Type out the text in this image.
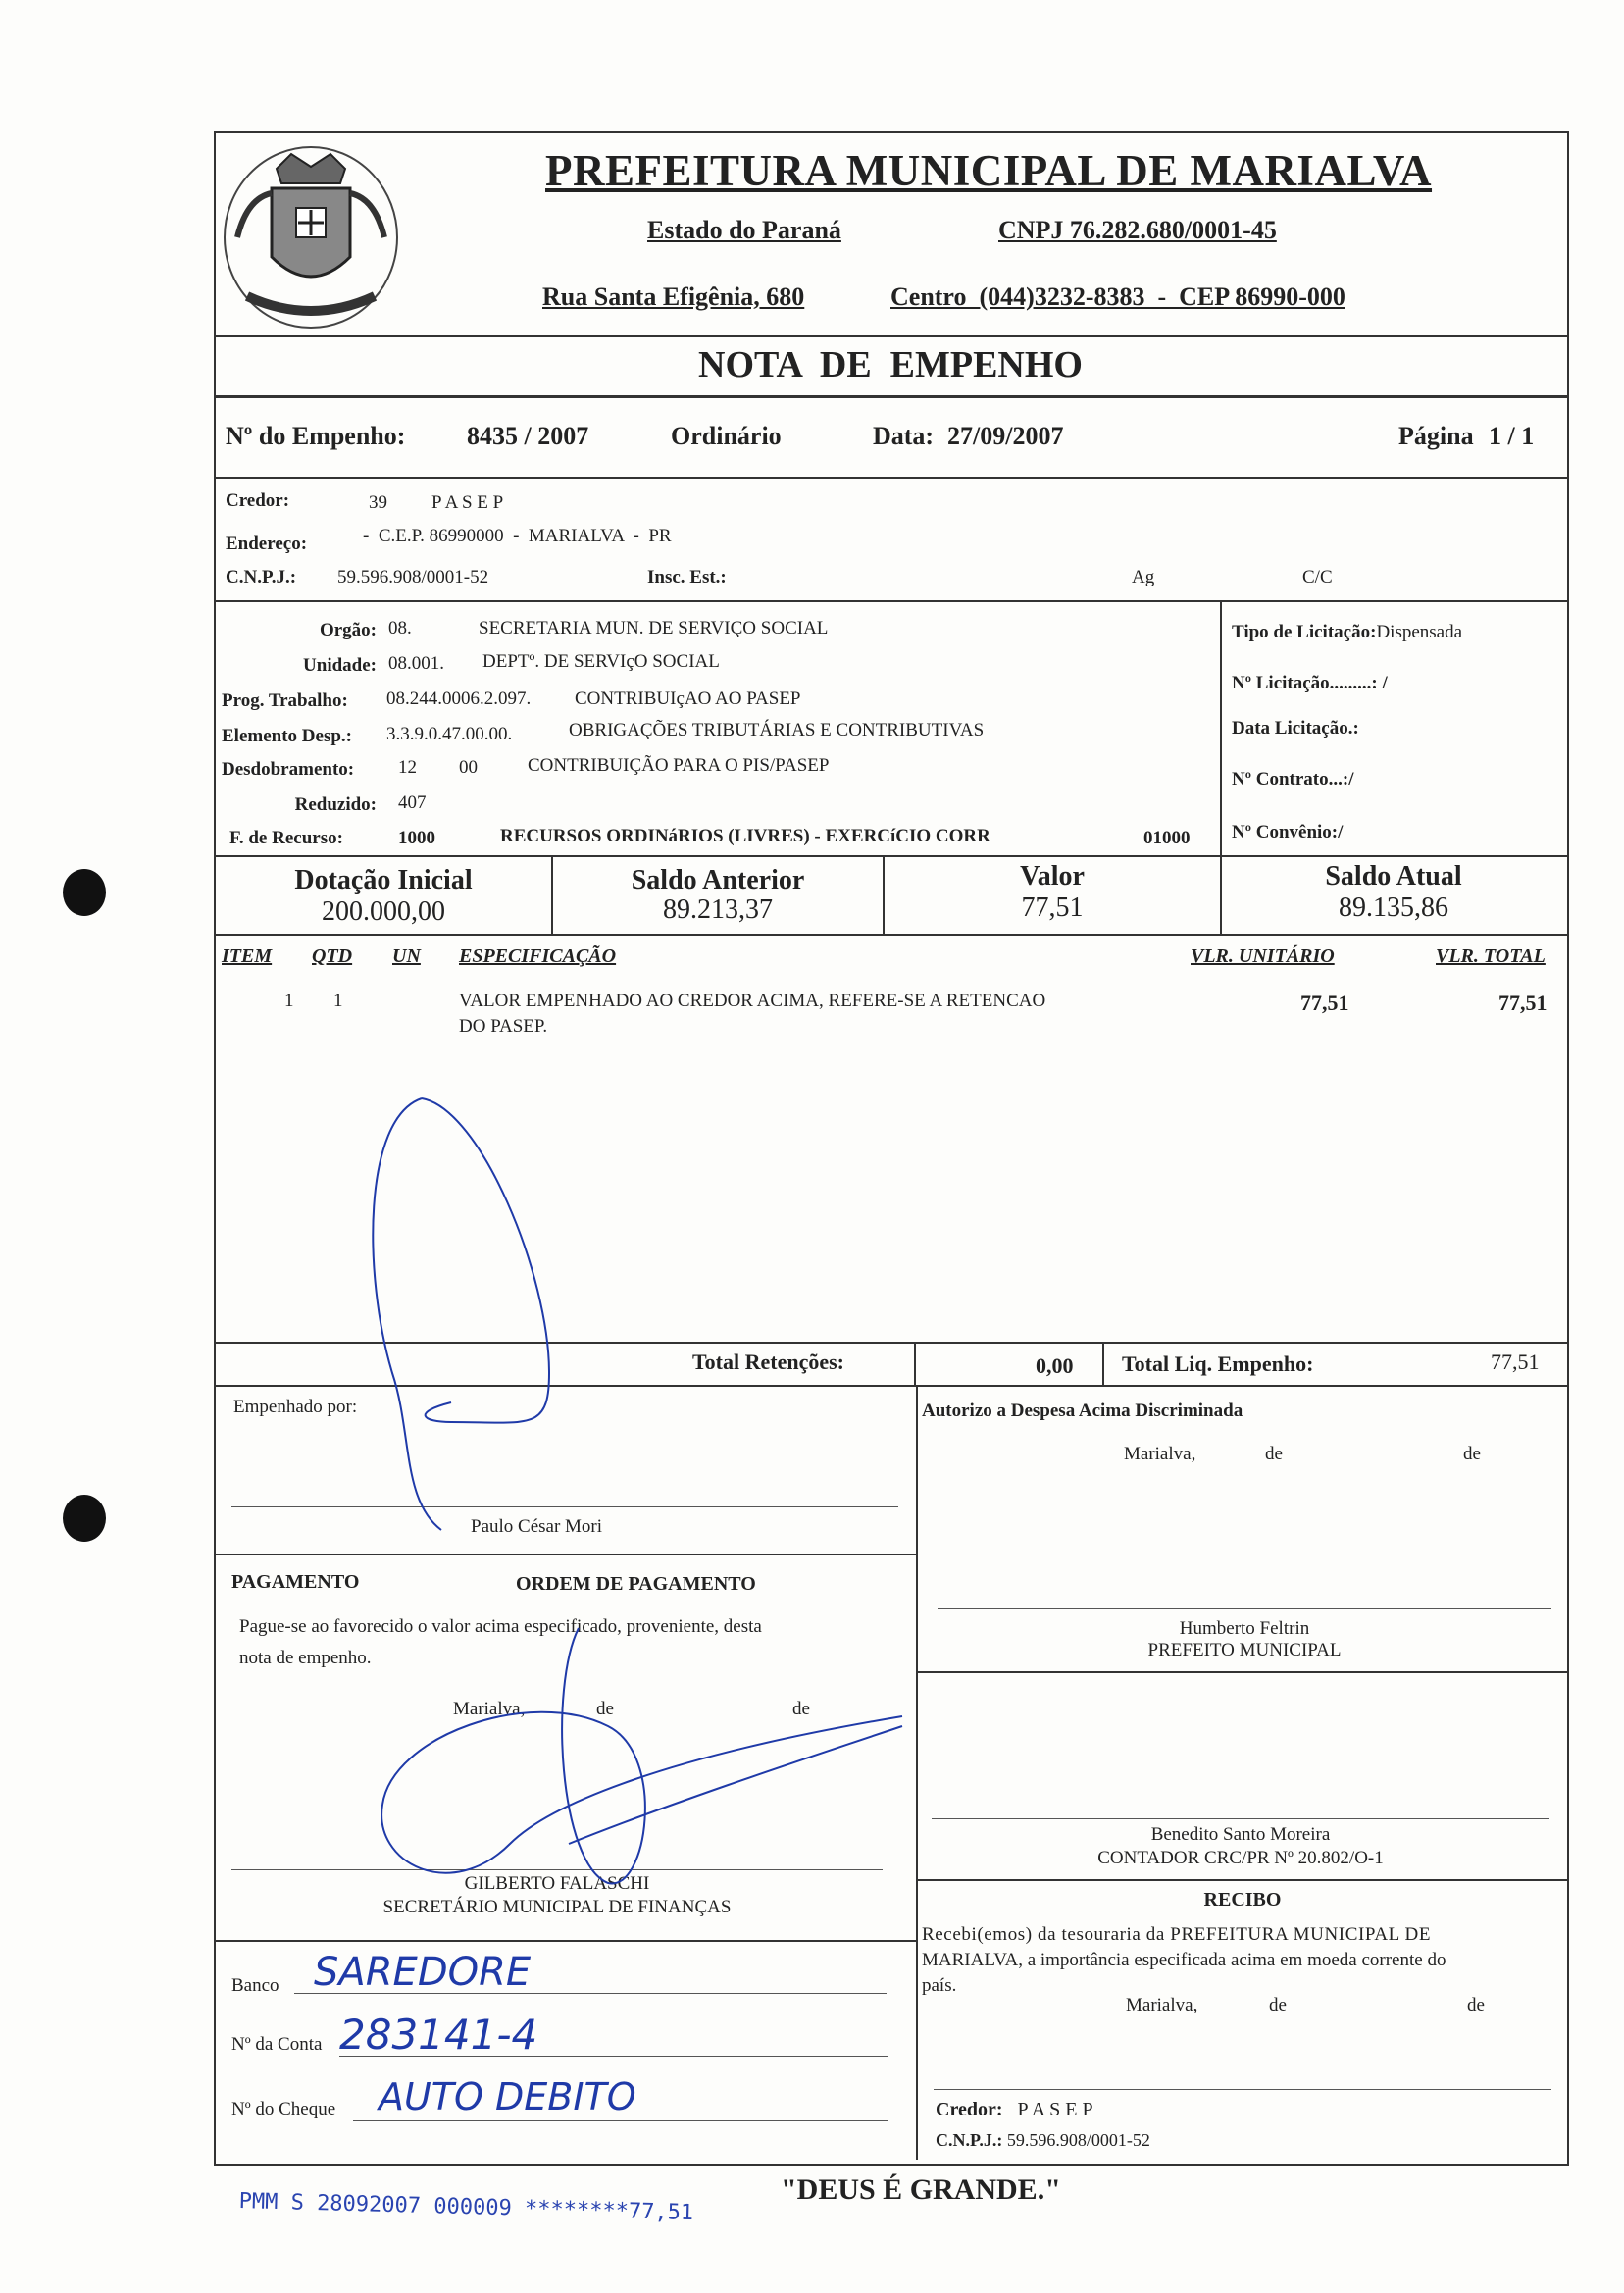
PREFEITURA MUNICIPAL DE MARIALVA
Estado do Paraná	CNPJ 76.282.680/0001-45
Rua Santa Efigênia, 680	Centro  (044)3232-8383  -  CEP 86990-000
NOTA  DE  EMPENHO
Nº do Empenho: 8435 / 2007	Ordinário	Data: 27/09/2007	Página 1 / 1
Credor:	39 P A S E P
Endereço:	-  C.E.P. 86990000  -  MARIALVA  -  PR
C.N.P.J.: 59.596.908/0001-52	Insc. Est.:	Ag	C/C
Orgão: 08.	SECRETARIA MUN. DE SERVIÇO SOCIAL
Unidade: 08.001. DEPTº. DE SERVIçO SOCIAL
Prog. Trabalho: 08.244.0006.2.097. CONTRIBUIçAO AO PASEP
Elemento Desp.: 3.3.9.0.47.00.00.	OBRIGAÇÕES TRIBUTÁRIAS E CONTRIBUTIVAS
Desdobramento: 12 00	CONTRIBUIÇÃO PARA O PIS/PASEP
Reduzido: 407
F. de Recurso:	1000	RECURSOS ORDINáRIOS (LIVRES) - EXERCíCIO CORR	01000
Tipo de Licitação:Dispensada
Nº Licitação.........: /
Data Licitação.:
Nº Contrato...:/
Nº Convênio:/
Dotação Inicial
200.000,00
Saldo Anterior
89.213,37
Valor
77,51
Saldo Atual
89.135,86
ITEM QTD UN ESPECIFICAÇÃO	VLR. UNITÁRIO	VLR. TOTAL
1 1	VALOR EMPENHADO AO CREDOR ACIMA, REFERE-SE A RETENCAO
DO PASEP.
77,51	77,51
Total Retenções:	0,00 Total Liq. Empenho:	77,51
Empenhado por:
Paulo César Mori
Autorizo a Despesa Acima Discriminada
Marialva,	de	de
Humberto Feltrin
PREFEITO MUNICIPAL
Benedito Santo Moreira
CONTADOR CRC/PR Nº 20.802/O-1
PAGAMENTO	ORDEM DE PAGAMENTO
Pague-se ao favorecido o valor acima especificado, proveniente, desta
nota de empenho.
Marialva,	de	de
GILBERTO FALASCHI
SECRETÁRIO MUNICIPAL DE FINANÇAS
Banco SAREDORE
Nº da Conta 283141-4
Nº do Cheque AUTO DEBITO
RECIBO
Recebi(emos) da tesouraria da PREFEITURA MUNICIPAL DE
MARIALVA, a importância especificada acima em moeda corrente do
país.
Marialva,	de	de
Credor: P A S E P
C.N.P.J.: 59.596.908/0001-52
"DEUS É GRANDE."
PMM S 28092007 000009 ********77,51
